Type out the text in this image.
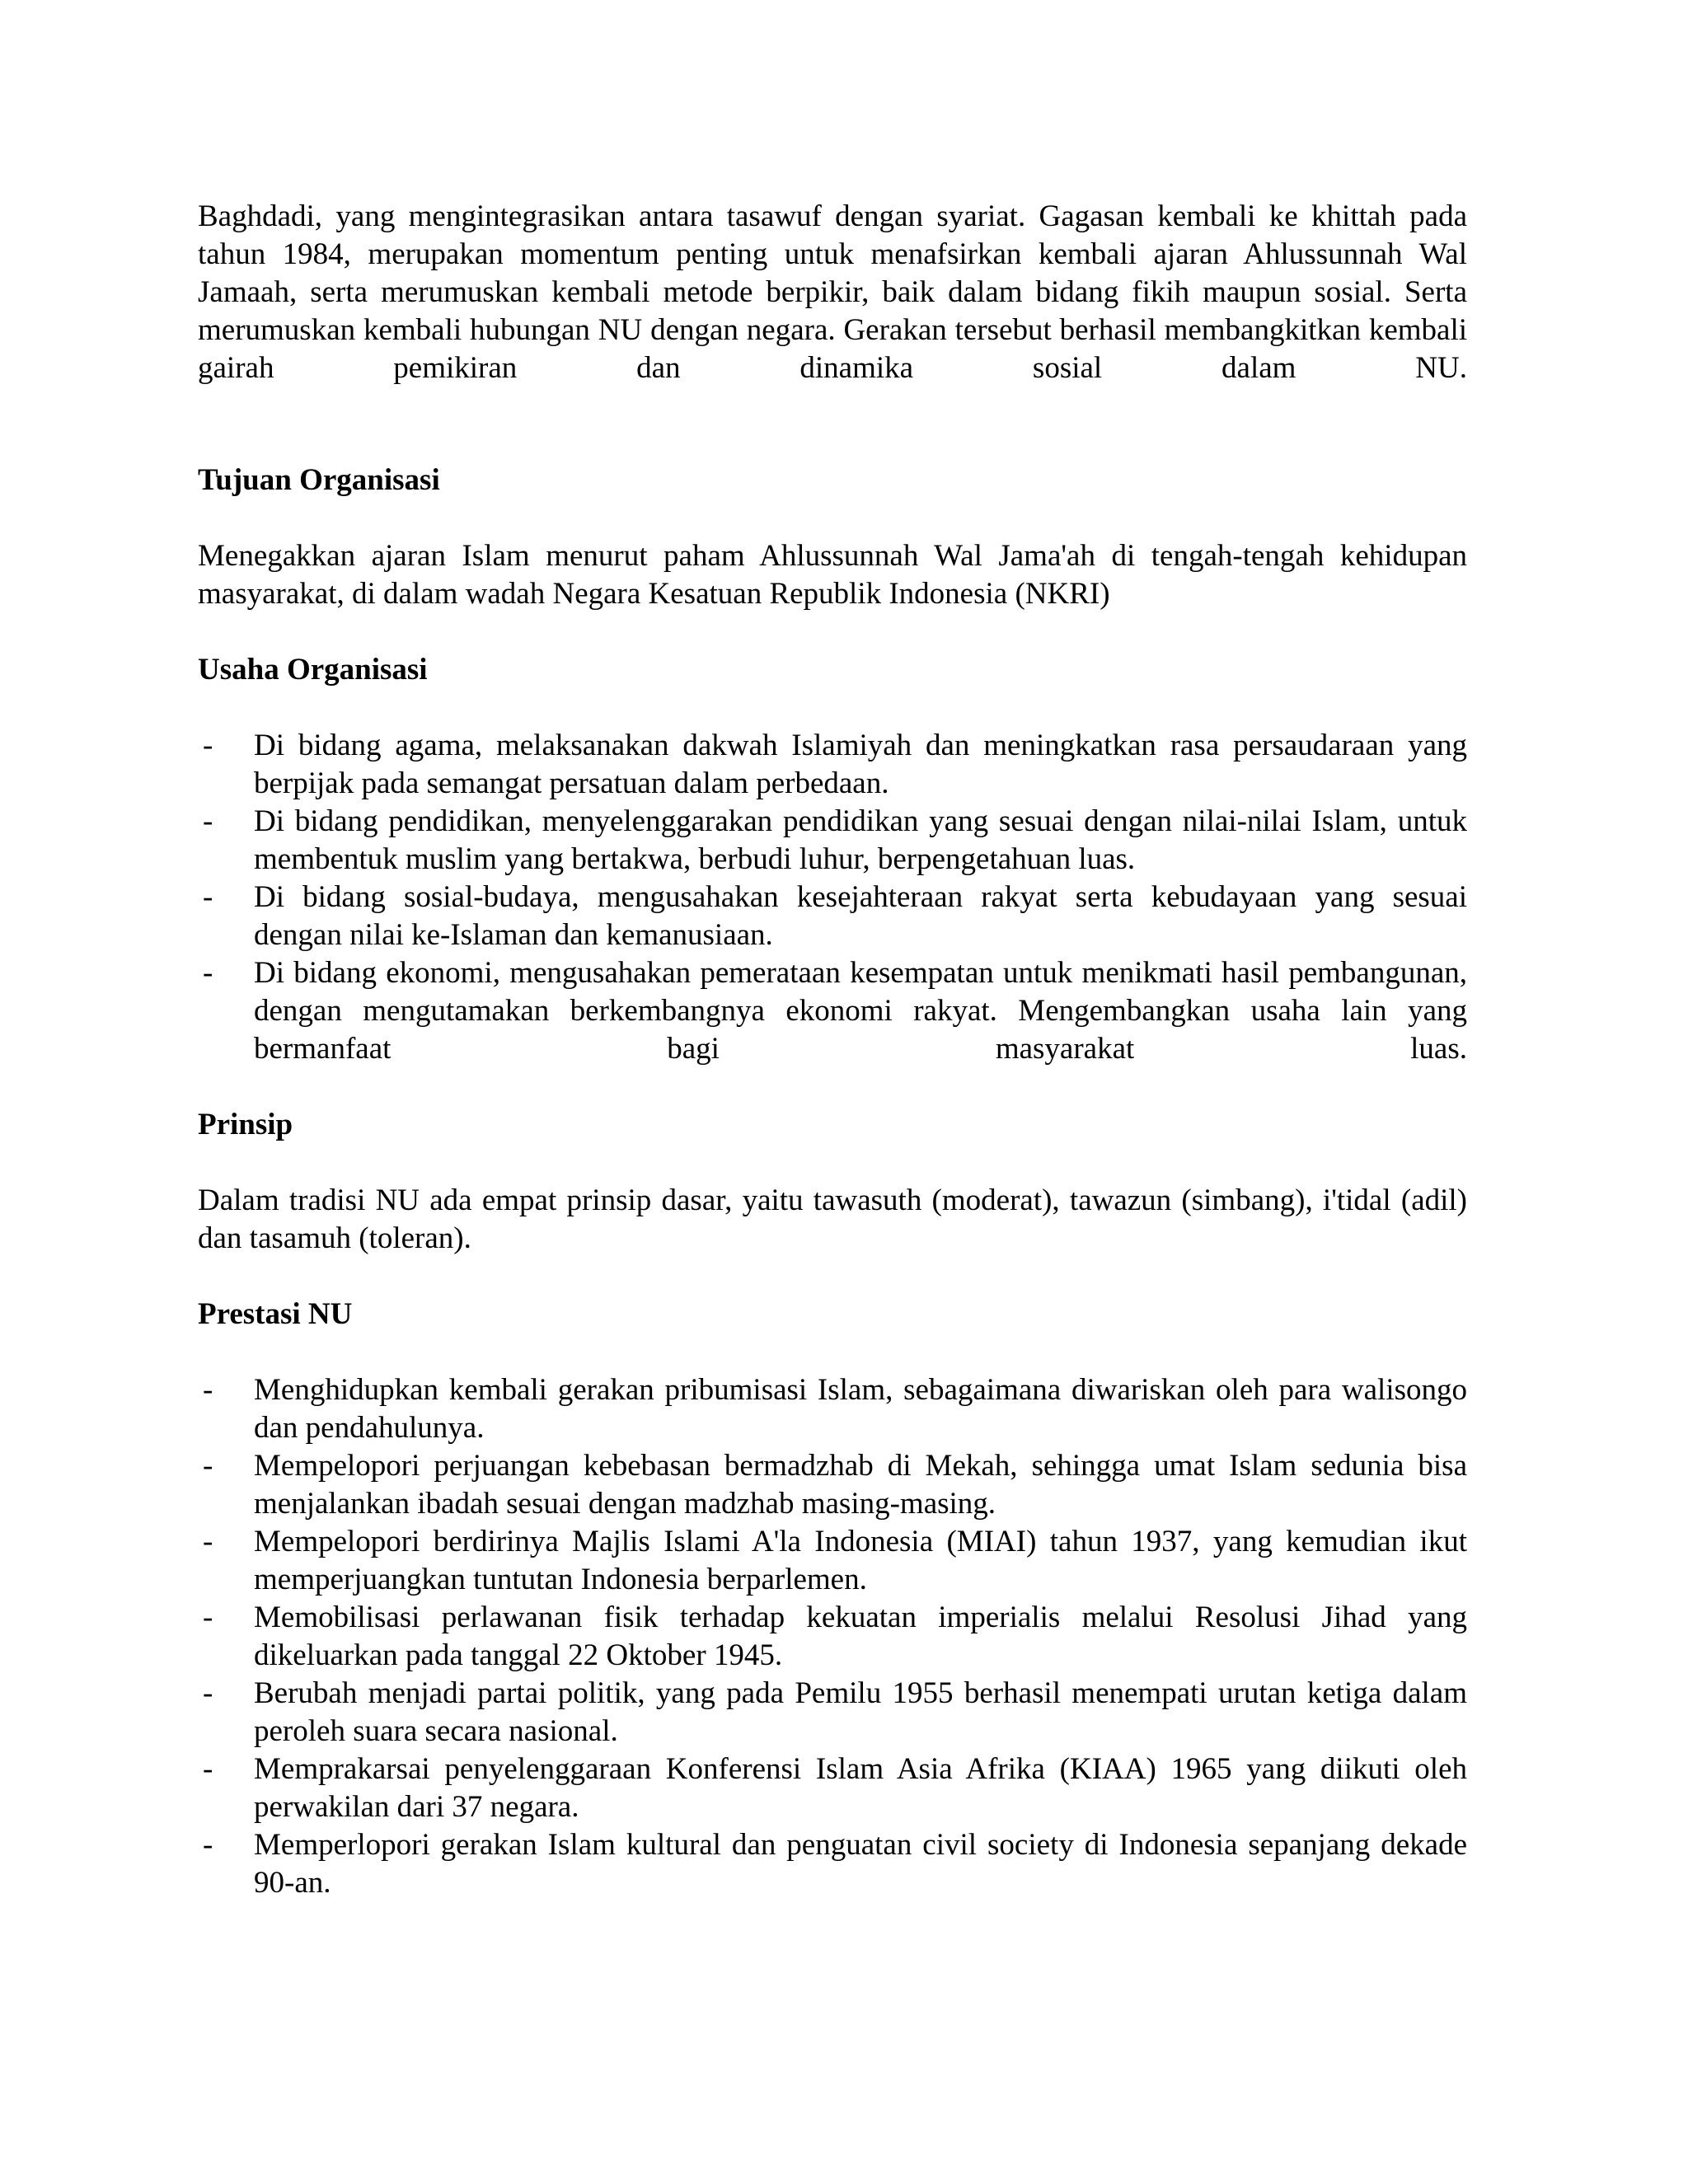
Baghdadi, yang mengintegrasikan antara tasawuf dengan syariat. Gagasan kembali ke khittah pada tahun 1984, merupakan momentum penting untuk menafsirkan kembali ajaran Ahlussunnah Wal Jamaah, serta merumuskan kembali metode berpikir, baik dalam bidang fikih maupun sosial. Serta merumuskan kembali hubungan NU dengan negara. Gerakan tersebut berhasil membangkitkan kembali gairah pemikiran dan dinamika sosial dalam NU.

Tujuan Organisasi

Menegakkan ajaran Islam menurut paham Ahlussunnah Wal Jama'ah di tengah-tengah kehidupan masyarakat, di dalam wadah Negara Kesatuan Republik Indonesia (NKRI)

Usaha Organisasi
- Di bidang agama, melaksanakan dakwah Islamiyah dan meningkatkan rasa persaudaraan yang berpijak pada semangat persatuan dalam perbedaan.
- Di bidang pendidikan, menyelenggarakan pendidikan yang sesuai dengan nilai-nilai Islam, untuk membentuk muslim yang bertakwa, berbudi luhur, berpengetahuan luas.
- Di bidang sosial-budaya, mengusahakan kesejahteraan rakyat serta kebudayaan yang sesuai dengan nilai ke-Islaman dan kemanusiaan.
- Di bidang ekonomi, mengusahakan pemerataan kesempatan untuk menikmati hasil pembangunan, dengan mengutamakan berkembangnya ekonomi rakyat. Mengembangkan usaha lain yang bermanfaat bagi masyarakat luas.
Prinsip

Dalam tradisi NU ada empat prinsip dasar, yaitu tawasuth (moderat), tawazun (simbang), i'tidal (adil) dan tasamuh (toleran).

Prestasi NU
- Menghidupkan kembali gerakan pribumisasi Islam, sebagaimana diwariskan oleh para walisongo dan pendahulunya.
- Mempelopori perjuangan kebebasan bermadzhab di Mekah, sehingga umat Islam sedunia bisa menjalankan ibadah sesuai dengan madzhab masing-masing.
- Mempelopori berdirinya Majlis Islami A'la Indonesia (MIAI) tahun 1937, yang kemudian ikut memperjuangkan tuntutan Indonesia berparlemen.
- Memobilisasi perlawanan fisik terhadap kekuatan imperialis melalui Resolusi Jihad yang dikeluarkan pada tanggal 22 Oktober 1945.
- Berubah menjadi partai politik, yang pada Pemilu 1955 berhasil menempati urutan ketiga dalam peroleh suara secara nasional.
- Memprakarsai penyelenggaraan Konferensi Islam Asia Afrika (KIAA) 1965 yang diikuti oleh perwakilan dari 37 negara.
- Memperlopori gerakan Islam kultural dan penguatan civil society di Indonesia sepanjang dekade 90-an.
